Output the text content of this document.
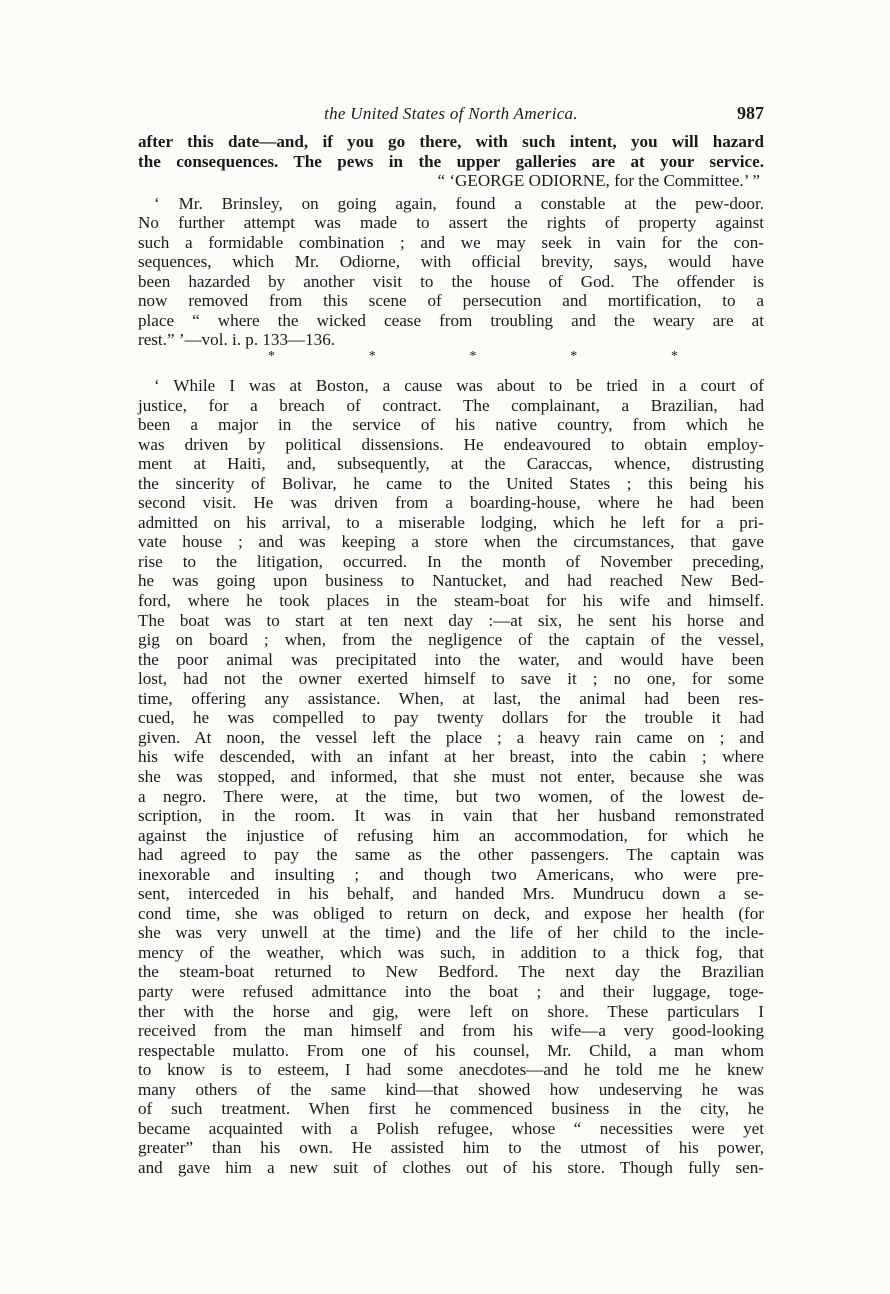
the United States of North America.	987
after this date—and, if you go there, with such intent, you will hazard
the consequences. The pews in the upper galleries are at your service.
“ ‘GEORGE ODIORNE, for the Committee.’ ”
‘ Mr. Brinsley, on going again, found a constable at the pew-door.
No further attempt was made to assert the rights of property against
such a formidable combination ; and we may seek in vain for the con-
sequences, which Mr. Odiorne, with official brevity, says, would have
been hazarded by another visit to the house of God. The offender is
now removed from this scene of persecution and mortification, to a
place “ where the wicked cease from troubling and the weary are at
rest.” ’—vol. i. p. 133—136.
*	*	*	*	*
‘ While I was at Boston, a cause was about to be tried in a court of
justice, for a breach of contract. The complainant, a Brazilian, had
been a major in the service of his native country, from which he
was driven by political dissensions. He endeavoured to obtain employ-
ment at Haiti, and, subsequently, at the Caraccas, whence, distrusting
the sincerity of Bolivar, he came to the United States ; this being his
second visit. He was driven from a boarding-house, where he had been
admitted on his arrival, to a miserable lodging, which he left for a pri-
vate house ; and was keeping a store when the circumstances, that gave
rise to the litigation, occurred. In the month of November preceding,
he was going upon business to Nantucket, and had reached New Bed-
ford, where he took places in the steam-boat for his wife and himself.
The boat was to start at ten next day :—at six, he sent his horse and
gig on board ; when, from the negligence of the captain of the vessel,
the poor animal was precipitated into the water, and would have been
lost, had not the owner exerted himself to save it ; no one, for some
time, offering any assistance. When, at last, the animal had been res-
cued, he was compelled to pay twenty dollars for the trouble it had
given. At noon, the vessel left the place ; a heavy rain came on ; and
his wife descended, with an infant at her breast, into the cabin ; where
she was stopped, and informed, that she must not enter, because she was
a negro. There were, at the time, but two women, of the lowest de-
scription, in the room. It was in vain that her husband remonstrated
against the injustice of refusing him an accommodation, for which he
had agreed to pay the same as the other passengers. The captain was
inexorable and insulting ; and though two Americans, who were pre-
sent, interceded in his behalf, and handed Mrs. Mundrucu down a se-
cond time, she was obliged to return on deck, and expose her health (for
she was very unwell at the time) and the life of her child to the incle-
mency of the weather, which was such, in addition to a thick fog, that
the steam-boat returned to New Bedford. The next day the Brazilian
party were refused admittance into the boat ; and their luggage, toge-
ther with the horse and gig, were left on shore. These particulars I
received from the man himself and from his wife—a very good-looking
respectable mulatto. From one of his counsel, Mr. Child, a man whom
to know is to esteem, I had some anecdotes—and he told me he knew
many others of the same kind—that showed how undeserving he was
of such treatment. When first he commenced business in the city, he
became acquainted with a Polish refugee, whose “ necessities were yet
greater” than his own. He assisted him to the utmost of his power,
and gave him a new suit of clothes out of his store. Though fully sen-
